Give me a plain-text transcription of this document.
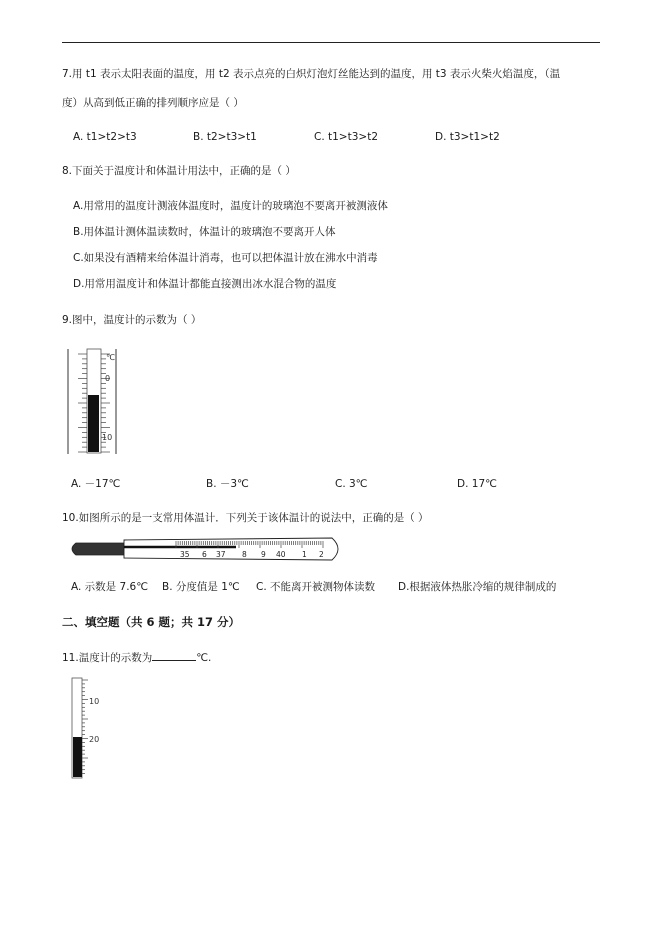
7.用 t1 表示太阳表面的温度，用 t2 表示点亮的白炽灯泡灯丝能达到的温度，用 t3 表示火柴火焰温度，（温
度）从高到低正确的排列顺序应是（ ）
A. t1>t2>t3	B. t2>t3>t1	C. t1>t3>t2	D. t3>t1>t2
8.下面关于温度计和体温计用法中，正确的是（ ）
A.用常用的温度计测液体温度时，温度计的玻璃泡不要离开被测液体
B.用体温计测体温读数时，体温计的玻璃泡不要离开人体
C.如果没有酒精来给体温计消毒，也可以把体温计放在沸水中消毒
D.用常用温度计和体温计都能直接测出冰水混合物的温度
9.图中，温度计的示数为（ ）
℃
0
10
A. －17℃	B. －3℃	C. 3℃	D. 17℃
10.如图所示的是一支常用体温计．下列关于该体温计的说法中，正确的是（ ）
35 6 37 8 9 40 1 2
A. 示数是 7.6℃ B. 分度值是 1℃ C. 不能离开被测物体读数 D.根据液体热胀冷缩的规律制成的
二、填空题（共 6 题；共 17 分）
11.温度计的示数为	℃.
10
20
